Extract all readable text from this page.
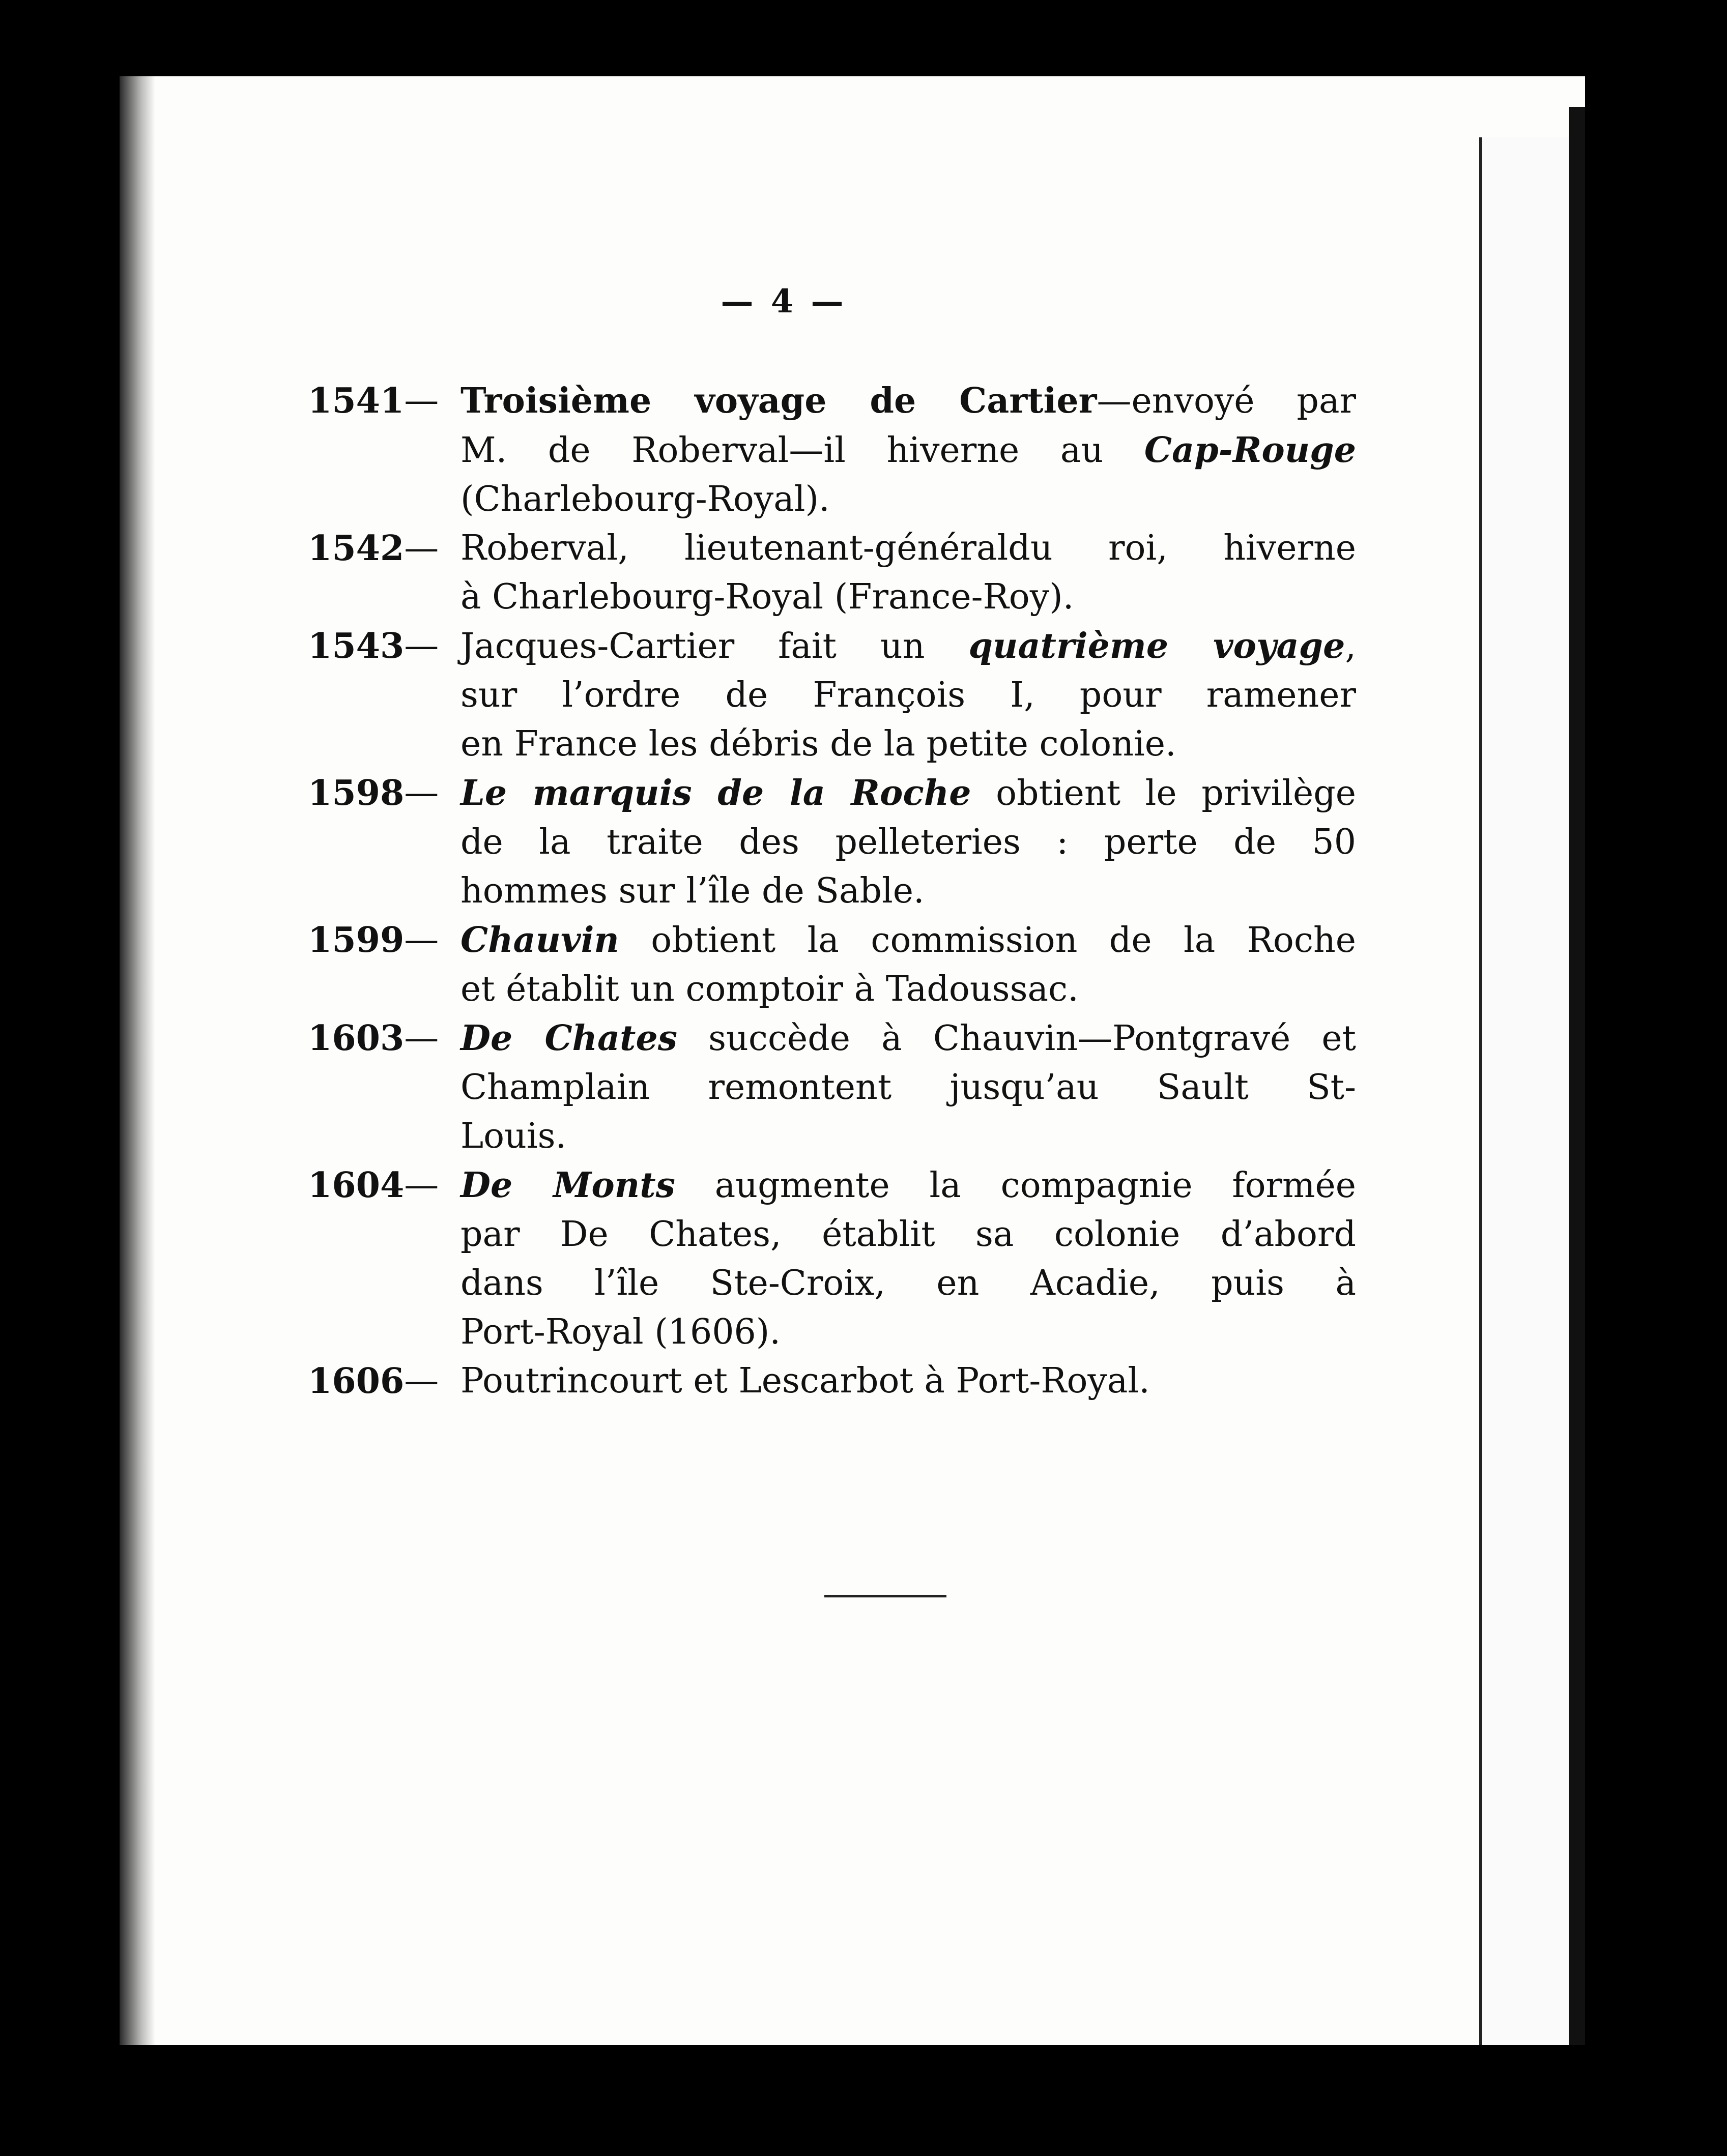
— 4 —
1541 — Troisième voyage de Cartier—envoyé par
M. de Roberval—il hiverne au Cap-Rouge
(Charlebourg-Royal).
1542 — Roberval, lieutenant-généraldu roi, hiverne
à Charlebourg-Royal (France-Roy).
1543 — Jacques-Cartier fait un quatrième voyage,
sur l’ordre de François I, pour ramener
en France les débris de la petite colonie.
1598 — Le marquis de la Roche obtient le privilège
de la traite des pelleteries : perte de 50
hommes sur l’île de Sable.
1599 — Chauvin obtient la commission de la Roche
et établit un comptoir à Tadoussac.
1603 — De Chates succède à Chauvin—Pontgravé et
Champlain remontent jusqu’au Sault St-
Louis.
1604 — De Monts augmente la compagnie formée
par De Chates, établit sa colonie d’abord
dans l’île Ste-Croix, en Acadie, puis à
Port-Royal (1606).
1606 — Poutrincourt et Lescarbot à Port-Royal.
